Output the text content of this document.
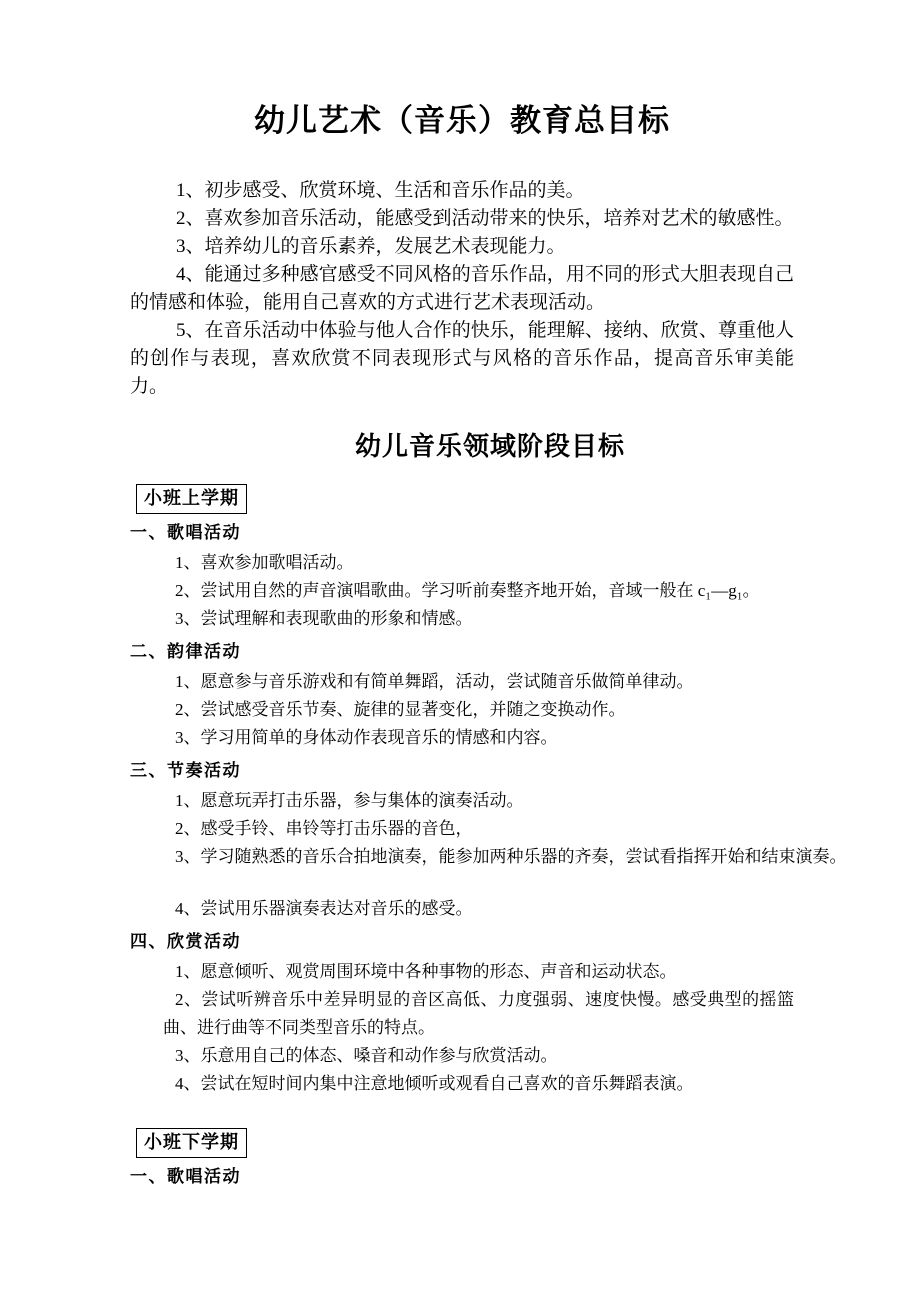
幼儿艺术（音乐）教育总目标

1、初步感受、欣赏环境、生活和音乐作品的美。

2、喜欢参加音乐活动，能感受到活动带来的快乐，培养对艺术的敏感性。

3、培养幼儿的音乐素养，发展艺术表现能力。

4、能通过多种感官感受不同风格的音乐作品，用不同的形式大胆表现自己的情感和体验，能用自己喜欢的方式进行艺术表现活动。

5、在音乐活动中体验与他人合作的快乐，能理解、接纳、欣赏、尊重他人的创作与表现，喜欢欣赏不同表现形式与风格的音乐作品，提高音乐审美能力。

幼儿音乐领域阶段目标
小班上学期
一、歌唱活动

1、喜欢参加歌唱活动。

2、尝试用自然的声音演唱歌曲。学习听前奏整齐地开始，音域一般在 c₁—g₁。

3、尝试理解和表现歌曲的形象和情感。

二、韵律活动

1、愿意参与音乐游戏和有简单舞蹈，活动，尝试随音乐做简单律动。

2、尝试感受音乐节奏、旋律的显著变化，并随之变换动作。

3、学习用简单的身体动作表现音乐的情感和内容。

三、节奏活动

1、愿意玩弄打击乐器，参与集体的演奏活动。

2、感受手铃、串铃等打击乐器的音色，

3、学习随熟悉的音乐合拍地演奏，能参加两种乐器的齐奏，尝试看指挥开始和结束演奏。

4、尝试用乐器演奏表达对音乐的感受。

四、欣赏活动

1、愿意倾听、观赏周围环境中各种事物的形态、声音和运动状态。

2、尝试听辨音乐中差异明显的音区高低、力度强弱、速度快慢。感受典型的摇篮曲、进行曲等不同类型音乐的特点。

3、乐意用自己的体态、嗓音和动作参与欣赏活动。

4、尝试在短时间内集中注意地倾听或观看自己喜欢的音乐舞蹈表演。

小班下学期
一、歌唱活动
